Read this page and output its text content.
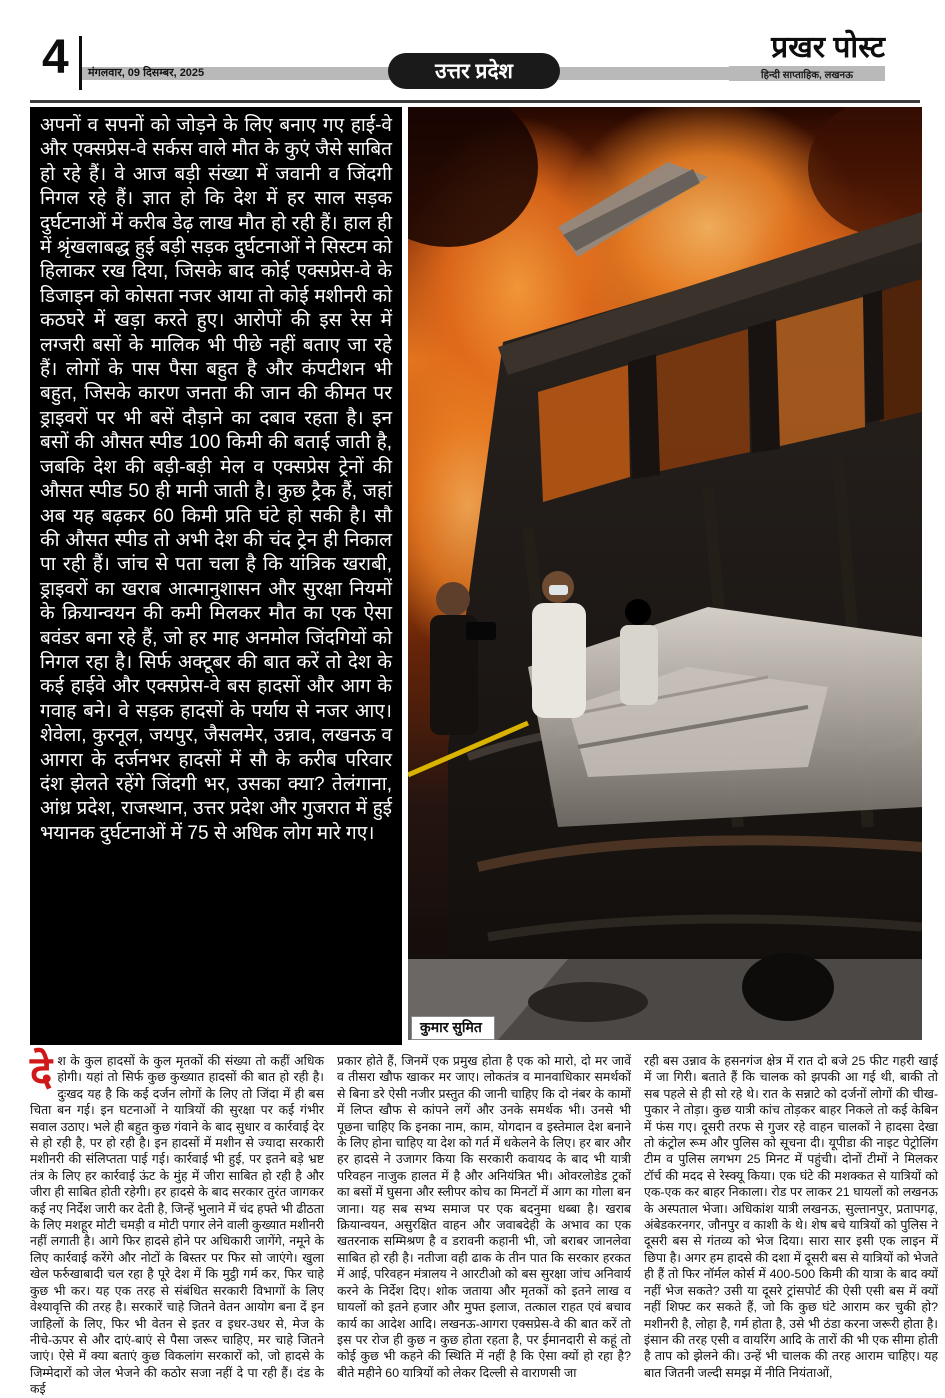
4 मंगलवार, 09 दिसम्बर, 2025	उत्तर प्रदेश
प्रखर पोस्ट
हिन्दी साप्ताहिक, लखनऊ
अपनों व सपनों को जोड़ने के लिए बनाए गए हाई-वे और एक्सप्रेस-वे सर्कस वाले मौत के कुएं जैसे साबित हो रहे हैं। वे आज बड़ी संख्या में जवानी व जिंदगी निगल रहे हैं। ज्ञात हो कि देश में हर साल सड़क दुर्घटनाओं में करीब डेढ़ लाख मौत हो रही हैं। हाल ही में श्रृंखलाबद्ध हुई बड़ी सड़क दुर्घटनाओं ने सिस्टम को हिलाकर रख दिया, जिसके बाद कोई एक्सप्रेस-वे के डिजाइन को कोसता नजर आया तो कोई मशीनरी को कठघरे में खड़ा करते हुए। आरोपों की इस रेस में लग्जरी बसों के मालिक भी पीछे नहीं बताए जा रहे हैं। लोगों के पास पैसा बहुत है और कंपटीशन भी बहुत, जिसके कारण जनता की जान की कीमत पर ड्राइवरों पर भी बसें दौड़ाने का दबाव रहता है। इन बसों की औसत स्पीड 100 किमी की बताई जाती है, जबकि देश की बड़ी-बड़ी मेल व एक्सप्रेस ट्रेनों की औसत स्पीड 50 ही मानी जाती है। कुछ ट्रैक हैं, जहां अब यह बढ़कर 60 किमी प्रति घंटे हो सकी है। सौ की औसत स्पीड तो अभी देश की चंद ट्रेन ही निकाल पा रही हैं। जांच से पता चला है कि यांत्रिक खराबी, ड्राइवरों का खराब आत्मानुशासन और सुरक्षा नियमों के क्रियान्वयन की कमी मिलकर मौत का एक ऐसा बवंडर बना रहे हैं, जो हर माह अनमोल जिंदगियों को निगल रहा है। सिर्फ अक्टूबर की बात करें तो देश के कई हाईवे और एक्सप्रेस-वे बस हादसों और आग के गवाह बने। वे सड़क हादसों के पर्याय से नजर आए। शेवेला, कुरनूल, जयपुर, जैसलमेर, उन्नाव, लखनऊ व आगरा के दर्जनभर हादसों में सौ के करीब परिवार दंश झेलते रहेंगे जिंदगी भर, उसका क्या? तेलंगाना, आंध्र प्रदेश, राजस्थान, उत्तर प्रदेश और गुजरात में हुई भयानक दुर्घटनाओं में 75 से अधिक लोग मारे गए।
कुमार सुमित
देश के कुल हादसों के कुल मृतकों की संख्या तो कहीं अधिक होगी। यहां तो सिर्फ कुछ कुख्यात हादसों की बात हो रही है। दुःखद यह है कि कई दर्जन लोगों के लिए तो जिंदा में ही बस चिता बन गई। इन घटनाओं ने यात्रियों की सुरक्षा पर कई गंभीर सवाल उठाए। भले ही बहुत कुछ गंवाने के बाद सुधार व कार्रवाई देर से हो रही है, पर हो रही है। इन हादसों में मशीन से ज्यादा सरकारी मशीनरी की संलिप्तता पाई गई। कार्रवाई भी हुई, पर इतने बड़े भ्रष्ट तंत्र के लिए हर कार्रवाई ऊंट के मुंह में जीरा साबित हो रही है और जीरा ही साबित होती रहेगी। हर हादसे के बाद सरकार तुरंत जागकर कई नए निर्देश जारी कर देती है, जिन्हें भुलाने में चंद हफ्ते भी ढीठता के लिए मशहूर मोटी चमड़ी व मोटी पगार लेने वाली कुख्यात मशीनरी नहीं लगाती है। आगे फिर हादसे होने पर अधिकारी जागेंगे, नमूने के लिए कार्रवाई करेंगे और नोटों के बिस्तर पर फिर सो जाएंगे। खुला खेल फर्रुखाबादी चल रहा है पूरे देश में कि मुट्ठी गर्म कर, फिर चाहे कुछ भी कर। यह एक तरह से संबंधित सरकारी विभागों के लिए वेश्यावृत्ति की तरह है। सरकारें चाहे जितने वेतन आयोग बना दें इन जाहिलों के लिए, फिर भी वेतन से इतर व इधर-उधर से, मेज के नीचे-ऊपर से और दाएं-बाएं से पैसा जरूर चाहिए, मर चाहे जितने जाएं। ऐसे में क्या बताएं कुछ विकलांग सरकारों को, जो हादसे के जिम्मेदारों को जेल भेजने की कठोर सजा नहीं दे पा रही हैं। दंड के कई
प्रकार होते हैं, जिनमें एक प्रमुख होता है एक को मारो, दो मर जावें व तीसरा खौफ खाकर मर जाए। लोकतंत्र व मानवाधिकार समर्थकों से बिना डरे ऐसी नजीर प्रस्तुत की जानी चाहिए कि दो नंबर के कामों में लिप्त खौफ से कांपने लगें और उनके समर्थक भी। उनसे भी पूछना चाहिए कि इनका नाम, काम, योगदान व इस्तेमाल देश बनाने के लिए होना चाहिए या देश को गर्त में धकेलने के लिए। हर बार और हर हादसे ने उजागर किया कि सरकारी कवायद के बाद भी यात्री परिवहन नाजुक हालत में है और अनियंत्रित भी। ओवरलोडेड ट्रकों का बसों में घुसना और स्लीपर कोच का मिनटों में आग का गोला बन जाना। यह सब सभ्य समाज पर एक बदनुमा धब्बा है। खराब क्रियान्वयन, असुरक्षित वाहन और जवाबदेही के अभाव का एक खतरनाक सम्मिश्रण है व डरावनी कहानी भी, जो बराबर जानलेवा साबित हो रही है। नतीजा वही ढाक के तीन पात कि सरकार हरकत में आई, परिवहन मंत्रालय ने आरटीओ को बस सुरक्षा जांच अनिवार्य करने के निर्देश दिए। शोक जताया और मृतकों को इतने लाख व घायलों को इतने हजार और मुफ्त इलाज, तत्काल राहत एवं बचाव कार्य का आदेश आदि। लखनऊ-आगरा एक्सप्रेस-वे की बात करें तो इस पर रोज ही कुछ न कुछ होता रहता है, पर ईमानदारी से कहूं तो कोई कुछ भी कहने की स्थिति में नहीं है कि ऐसा क्यों हो रहा है? बीते महीने 60 यात्रियों को लेकर दिल्ली से वाराणसी जा
रही बस उन्नाव के हसनगंज क्षेत्र में रात दो बजे 25 फीट गहरी खाई में जा गिरी। बताते हैं कि चालक को झपकी आ गई थी, बाकी तो सब पहले से ही सो रहे थे। रात के सन्नाटे को दर्जनों लोगों की चीख-पुकार ने तोड़ा। कुछ यात्री कांच तोड़कर बाहर निकले तो कई केबिन में फंस गए। दूसरी तरफ से गुजर रहे वाहन चालकों ने हादसा देखा तो कंट्रोल रूम और पुलिस को सूचना दी। यूपीडा की नाइट पेट्रोलिंग टीम व पुलिस लगभग 25 मिनट में पहुंची। दोनों टीमों ने मिलकर टॉर्च की मदद से रेस्क्यू किया। एक घंटे की मशक्कत से यात्रियों को एक-एक कर बाहर निकाला। रोड पर लाकर 21 घायलों को लखनऊ के अस्पताल भेजा। अधिकांश यात्री लखनऊ, सुल्तानपुर, प्रतापगढ़, अंबेडकरनगर, जौनपुर व काशी के थे। शेष बचे यात्रियों को पुलिस ने दूसरी बस से गंतव्य को भेज दिया। सारा सार इसी एक लाइन में छिपा है। अगर हम हादसे की दशा में दूसरी बस से यात्रियों को भेजते ही हैं तो फिर नॉर्मल कोर्स में 400-500 किमी की यात्रा के बाद क्यों नहीं भेज सकते? उसी या दूसरे ट्रांसपोर्ट की ऐसी एसी बस में क्यों नहीं शिफ्ट कर सकते हैं, जो कि कुछ घंटे आराम कर चुकी हो? मशीनरी है, लोहा है, गर्म होता है, उसे भी ठंडा करना जरूरी होता है। इंसान की तरह एसी व वायरिंग आदि के तारों की भी एक सीमा होती है ताप को झेलने की। उन्हें भी चालक की तरह आराम चाहिए। यह बात जितनी जल्दी समझ में नीति नियंताओं,
